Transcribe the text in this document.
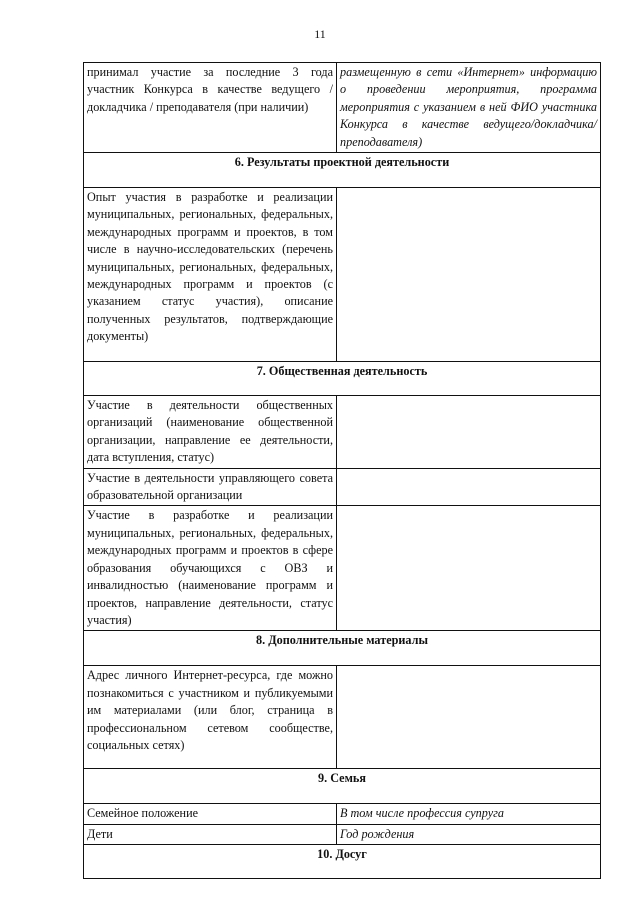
11
принимал участие за последние 3 года участник Конкурса в качестве ведущего / докладчика / преподавателя (при наличии)	размещенную в сети «Интернет» информацию о проведении мероприятия, программа мероприятия с указанием в ней ФИО участника Конкурса в качестве ведущего/докладчика/преподавателя)
6. Результаты проектной деятельности	
Опыт участия в разработке и реализации муниципальных, региональных, федеральных, международных программ и проектов, в том числе в научно-исследовательских (перечень муниципальных, региональных, федеральных, международных программ и проектов (с указанием статус участия), описание полученных результатов, подтверждающие документы)	
7. Общественная деятельность	
Участие в деятельности общественных организаций (наименование общественной организации, направление ее деятельности, дата вступления, статус)	
Участие в деятельности управляющего совета образовательной организации	
Участие в разработке и реализации муниципальных, региональных, федеральных, международных программ и проектов в сфере образования обучающихся с ОВЗ и инвалидностью (наименование программ и проектов, направление деятельности, статус участия)	
8. Дополнительные материалы	
Адрес личного Интернет-ресурса, где можно познакомиться с участником и публикуемыми им материалами (или блог, страница в профессиональном сетевом сообществе, социальных сетях)	
9. Семья	
Семейное положение	В том числе профессия супруга
Дети	Год рождения
10. Досуг	
